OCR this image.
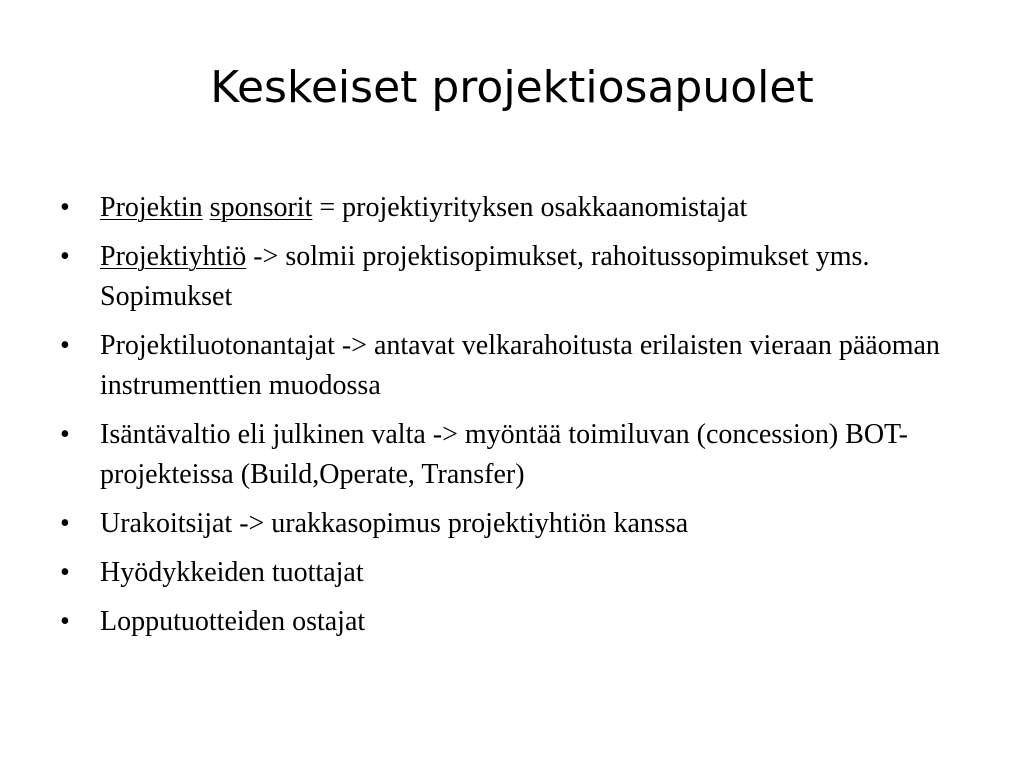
Keskeiset projektiosapuolet
•	Projektin sponsorit = projektiyrityksen osakkaanomistajat
•	Projektiyhtiö -> solmii projektisopimukset, rahoitussopimukset yms. Sopimukset
•	Projektiluotonantajat -> antavat velkarahoitusta erilaisten vieraan pääoman instrumenttien muodossa
•	Isäntävaltio eli julkinen valta -> myöntää toimiluvan (concession) BOT-projekteissa (Build,Operate, Transfer)
•	Urakoitsijat -> urakkasopimus projektiyhtiön kanssa
•	Hyödykkeiden tuottajat
•	Lopputuotteiden ostajat
